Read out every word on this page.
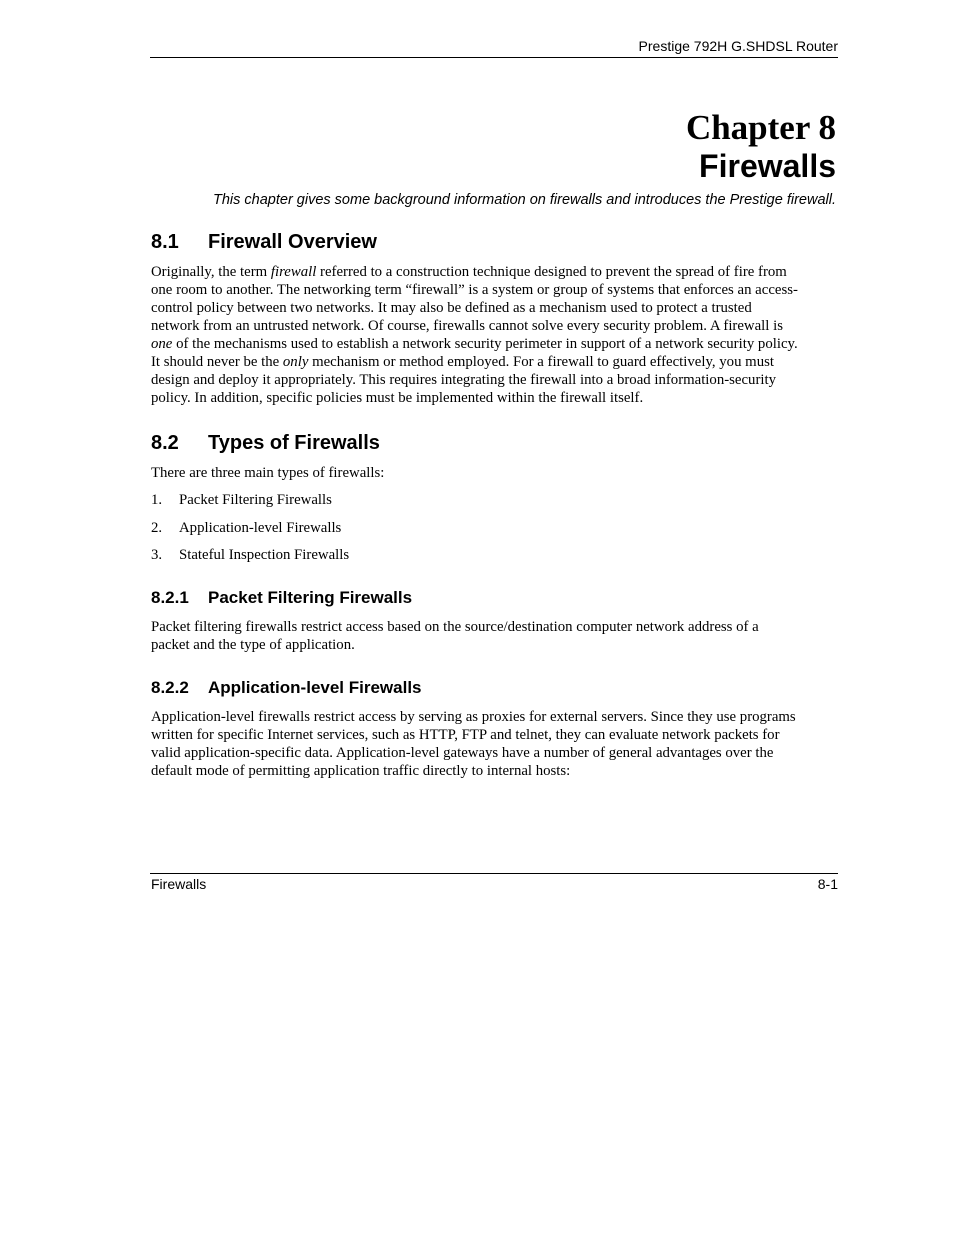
Prestige 792H G.SHDSL Router
Chapter 8
Firewalls
This chapter gives some background information on firewalls and introduces the Prestige firewall.
8.1 Firewall Overview
Originally, the term firewall referred to a construction technique designed to prevent the spread of fire from
one room to another. The networking term “firewall” is a system or group of systems that enforces an access-
control policy between two networks. It may also be defined as a mechanism used to protect a trusted
network from an untrusted network. Of course, firewalls cannot solve every security problem. A firewall is
one of the mechanisms used to establish a network security perimeter in support of a network security policy.
It should never be the only mechanism or method employed. For a firewall to guard effectively, you must
design and deploy it appropriately. This requires integrating the firewall into a broad information-security
policy. In addition, specific policies must be implemented within the firewall itself.
8.2 Types of Firewalls
There are three main types of firewalls:
1. Packet Filtering Firewalls
2. Application-level Firewalls
3. Stateful Inspection Firewalls
8.2.1 Packet Filtering Firewalls
Packet filtering firewalls restrict access based on the source/destination computer network address of a
packet and the type of application.
8.2.2 Application-level Firewalls
Application-level firewalls restrict access by serving as proxies for external servers. Since they use programs
written for specific Internet services, such as HTTP, FTP and telnet, they can evaluate network packets for
valid application-specific data. Application-level gateways have a number of general advantages over the
default mode of permitting application traffic directly to internal hosts:
Firewalls	8-1
